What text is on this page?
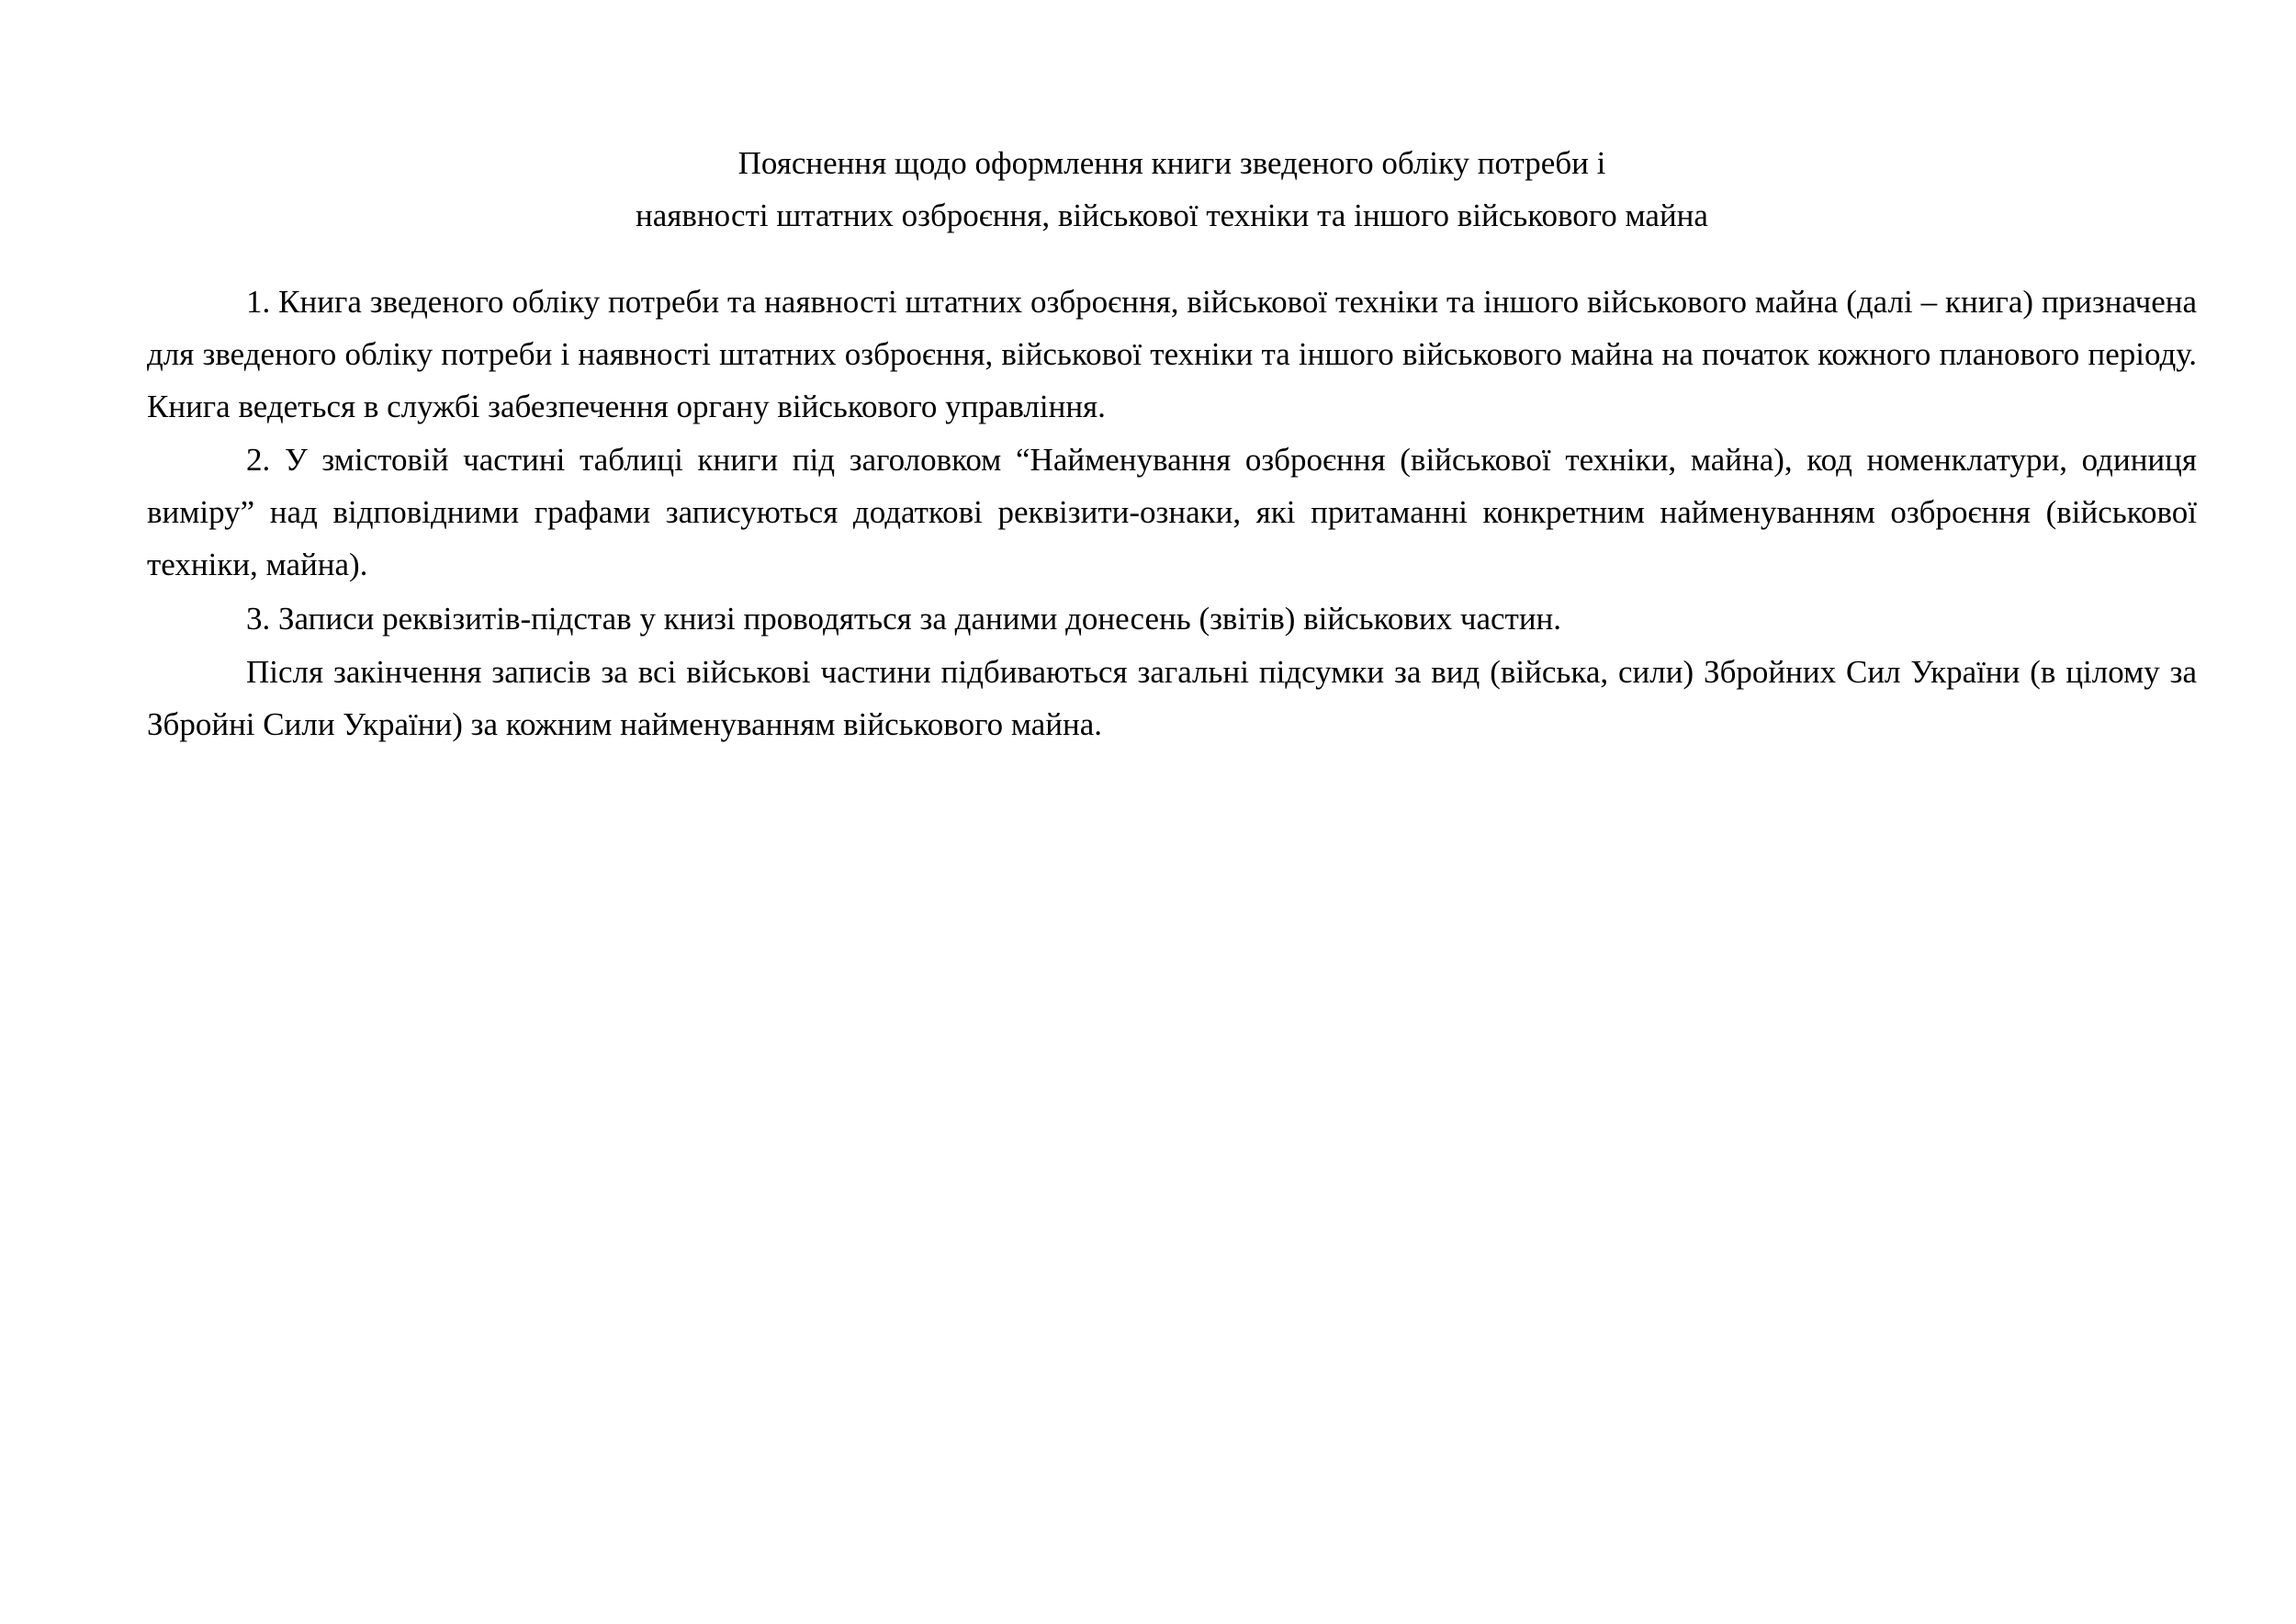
Пояснення щодо оформлення книги зведеного обліку потреби і
наявності штатних озброєння, військової техніки та іншого військового майна

1. Книга зведеного обліку потреби та наявності штатних озброєння, військової техніки та іншого військового майна (далі – книга) призначена для зведеного обліку потреби і наявності штатних озброєння, військової техніки та іншого військового майна на початок кожного планового періоду. Книга ведеться в службі забезпечення органу військового управління.

2. У змістовій частині таблиці книги під заголовком “Найменування озброєння (військової техніки, майна), код номенклатури, одиниця виміру” над відповідними графами записуються додаткові реквізити-ознаки, які притаманні конкретним найменуванням озброєння (військової техніки, майна).

3. Записи реквізитів-підстав у книзі проводяться за даними донесень (звітів) військових частин.

Після закінчення записів за всі військові частини підбиваються загальні підсумки за вид (війська, сили) Збройних Сил України (в цілому за Збройні Сили України) за кожним найменуванням військового майна.
